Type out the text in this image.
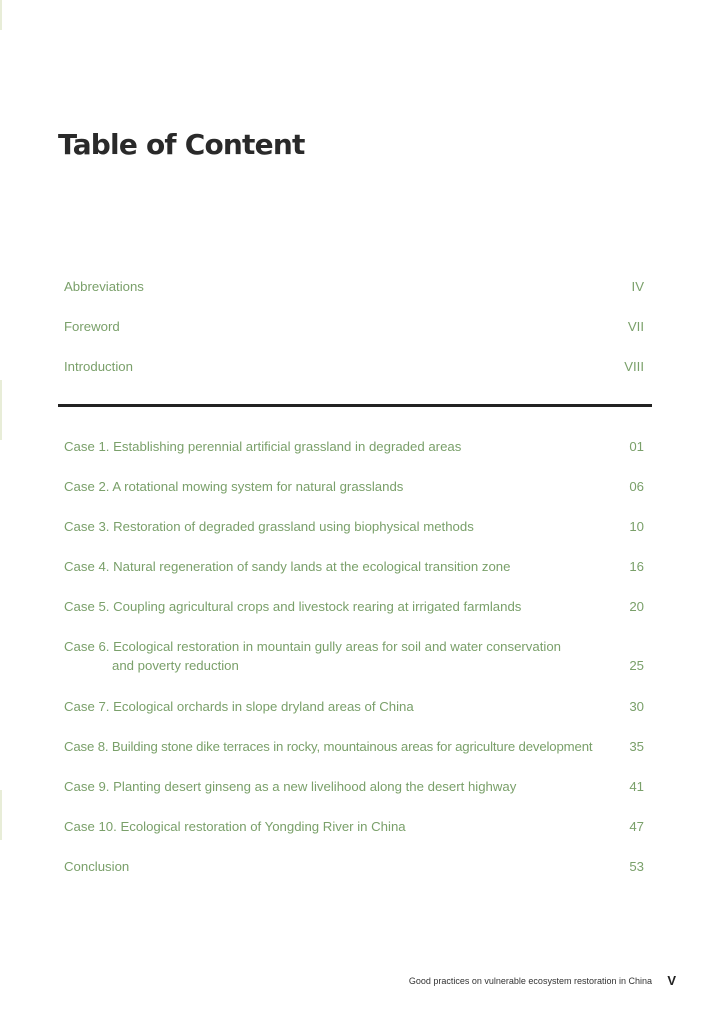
Table of Content
Abbreviations	IV
Foreword	VII
Introduction	VIII
Case 1. Establishing perennial artificial grassland in degraded areas	01
Case 2. A rotational mowing system for natural grasslands	06
Case 3. Restoration of degraded grassland using biophysical methods	10
Case 4. Natural regeneration of sandy lands at the ecological transition zone	16
Case 5. Coupling agricultural crops and livestock rearing at irrigated farmlands	20
Case 6. Ecological restoration in mountain gully areas for soil and water conservation
and poverty reduction	25
Case 7. Ecological orchards in slope dryland areas of China	30
Case 8. Building stone dike terraces in rocky, mountainous areas for agriculture development	35
Case 9. Planting desert ginseng as a new livelihood along the desert highway	41
Case 10. Ecological restoration of Yongding River in China	47
Conclusion	53
Good practices on vulnerable ecosystem restoration in China V
